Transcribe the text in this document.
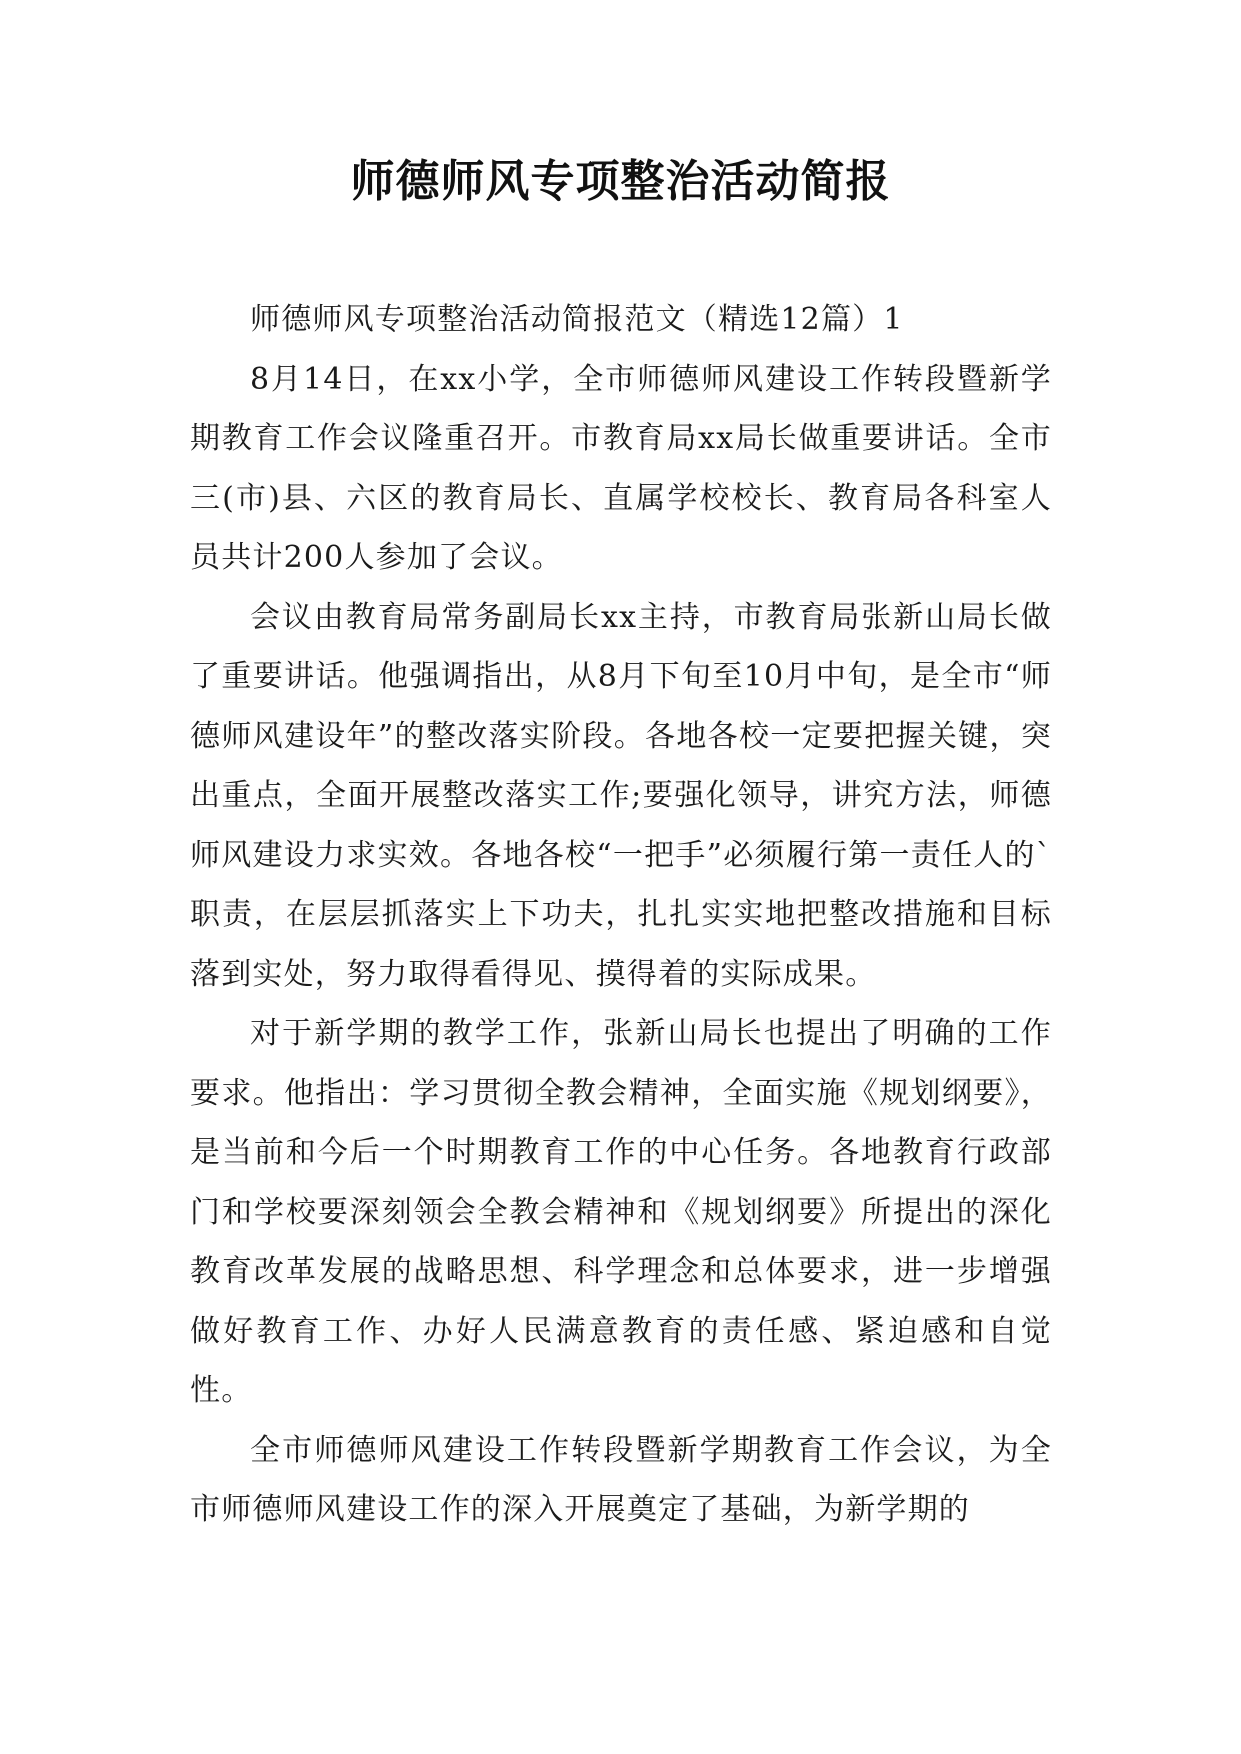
师德师风专项整治活动简报

师德师风专项整治活动简报范文（精选12篇）1

8月14日，在xx小学，全市师德师风建设工作转段暨新学期教育工作会议隆重召开。市教育局xx局长做重要讲话。全市三(市)县、六区的教育局长、直属学校校长、教育局各科室人员共计200人参加了会议。

会议由教育局常务副局长xx主持，市教育局张新山局长做了重要讲话。他强调指出，从8月下旬至10月中旬，是全市“师德师风建设年”的整改落实阶段。各地各校一定要把握关键，突出重点，全面开展整改落实工作;要强化领导，讲究方法，师德师风建设力求实效。各地各校“一把手”必须履行第一责任人的`职责，在层层抓落实上下功夫，扎扎实实地把整改措施和目标落到实处，努力取得看得见、摸得着的实际成果。

对于新学期的教学工作，张新山局长也提出了明确的工作要求。他指出：学习贯彻全教会精神，全面实施《规划纲要》，是当前和今后一个时期教育工作的中心任务。各地教育行政部门和学校要深刻领会全教会精神和《规划纲要》所提出的深化教育改革发展的战略思想、科学理念和总体要求，进一步增强做好教育工作、办好人民满意教育的责任感、紧迫感和自觉性。

全市师德师风建设工作转段暨新学期教育工作会议，为全市师德师风建设工作的深入开展奠定了基础，为新学期的
